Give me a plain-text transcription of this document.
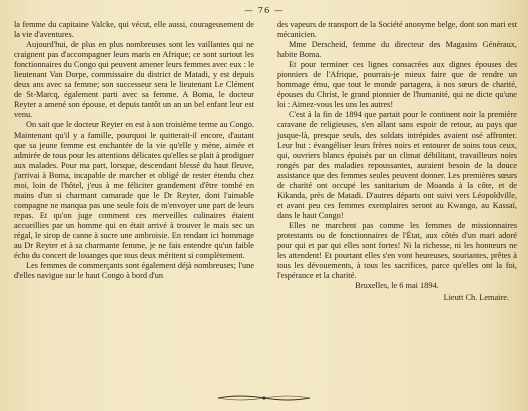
— 76 —

la femme du capitaine Valcke, qui vécut, elle aussi, courageusement de la vie d'aventures.

Aujourd'hui, de plus en plus nombreuses sont les vaillantes qui ne craignent pas d'accompagner leurs maris en Afrique; ce sont surtout les fonctionnaires du Congo qui peuvent amener leurs femmes avec eux : le lieutenant Van Dorpe, commissaire du district de Matadi, y est depuis deux ans avec sa femme; son successeur sera le lieutenant Le Clément de St-Marcq, également parti avec sa femme. A Boma, le docteur Reyter a amené son épouse, et depuis tantôt un an un bel enfant leur est venu.

On sait que le docteur Reyter en est à son troisième terme au Congo. Maintenant qu'il y a famille, pourquoi le quitterait-il encore, d'autant que sa jeune femme est enchantée de la vie qu'elle y mène, aimée et admirée de tous pour les attentions délicates qu'elles se plait à prodiguer aux malades. Pour ma part, lorsque, descendant blessé du haut fleuve, j'arrivai à Boma, incapable de marcher et obligé de rester étendu chez moi, loin de l'hôtel, j'eus à me féliciter grandement d'être tombé en mains d'un si charmant camarade que le Dr Reyter, dont l'aimable compagne ne manqua pas une seule fois de m'envoyer une part de leurs repas. Et qu'on juge comment ces merveilles culinaires étaient accueillies par un homme qui en était arrivé à trouver le mais sec un régal, le sirop de canne à sucre une ambroisie. En rendant ici hommage au Dr Reyter et à sa charmante femme, je ne fais entendre qu'un faible écho du concert de louanges que tous deux méritent si complètement.

Les femmes de commerçants sont également déjà nombreuses; l'une d'elles navigue sur le haut Congo à bord d'un

des vapeurs de transport de la Société anonyme belge, dont son mari est mécanicien.

Mme Derscheid, femme du directeur des Magasins Généraux, habite Boma.

Et pour terminer ces lignes consacrées aux dignes épouses des pionniers de l'Afrique, pourrais-je mieux faire que de rendre un hommage ému, que tout le monde partagera, à nos sœurs de charité, épouses du Christ, le grand pionnier de l'humanité, qui ne dicte qu'une loi : Aimez-vous les uns les autres!

C'est à la fin de 1894 que partait pour le continent noir la première caravane de religieuses, s'en allant sans espoir de retour, au pays que jusque-là, presque seuls, des soldats intrépides avaient osé affronter. Leur but : évangéliser leurs frères noirs et entourer de soins tous ceux, qui, ouvriers blancs épuisés par un climat débilitant, travailleurs noirs rongés par des maladies repoussantes, auraient besoin de la douce assistance que des femmes seules peuvent donner. Les premières sœurs de charité ont occupé les sanitarium de Moanda à la côte, et de Kikanda, près de Matadi. D'autres départs ont suivi vers Léopoldville, et avant peu ces femmes exemplaires seront au Kwango, au Kassaï, dans le haut Congo!

Elles ne marchent pas comme les femmes de missionnaires protestants ou de fonctionnaires de l'État, aux côtés d'un mari adoré pour qui et par qui elles sont fortes! Ni la richesse, ni les honneurs ne les attendent! Et pourtant elles s'en vont heureuses, souriantes, prêtes à tous les dévouements, à tous les sacrifices, parce qu'elles ont la foi, l'espérance et la charité.

Bruxelles, le 6 mai 1894.

Lieutt Ch. Lemaire.
